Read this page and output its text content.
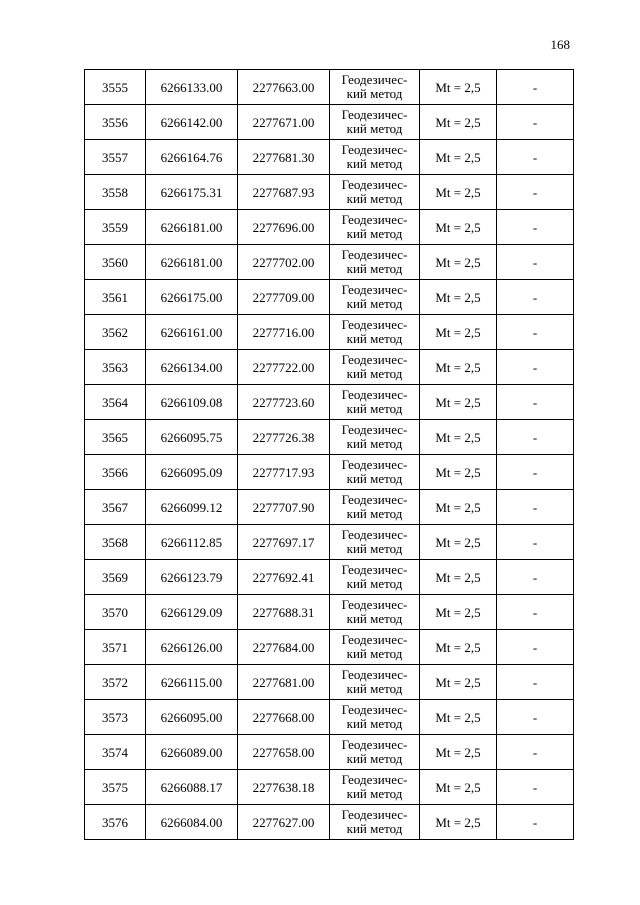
168
3555	6266133.00	2277663.00	Геодезичес-
кий метод	Mt = 2,5	-
3556	6266142.00	2277671.00	Геодезичес-
кий метод	Mt = 2,5	-
3557	6266164.76	2277681.30	Геодезичес-
кий метод	Mt = 2,5	-
3558	6266175.31	2277687.93	Геодезичес-
кий метод	Mt = 2,5	-
3559	6266181.00	2277696.00	Геодезичес-
кий метод	Mt = 2,5	-
3560	6266181.00	2277702.00	Геодезичес-
кий метод	Mt = 2,5	-
3561	6266175.00	2277709.00	Геодезичес-
кий метод	Mt = 2,5	-
3562	6266161.00	2277716.00	Геодезичес-
кий метод	Mt = 2,5	-
3563	6266134.00	2277722.00	Геодезичес-
кий метод	Mt = 2,5	-
3564	6266109.08	2277723.60	Геодезичес-
кий метод	Mt = 2,5	-
3565	6266095.75	2277726.38	Геодезичес-
кий метод	Mt = 2,5	-
3566	6266095.09	2277717.93	Геодезичес-
кий метод	Mt = 2,5	-
3567	6266099.12	2277707.90	Геодезичес-
кий метод	Mt = 2,5	-
3568	6266112.85	2277697.17	Геодезичес-
кий метод	Mt = 2,5	-
3569	6266123.79	2277692.41	Геодезичес-
кий метод	Mt = 2,5	-
3570	6266129.09	2277688.31	Геодезичес-
кий метод	Mt = 2,5	-
3571	6266126.00	2277684.00	Геодезичес-
кий метод	Mt = 2,5	-
3572	6266115.00	2277681.00	Геодезичес-
кий метод	Mt = 2,5	-
3573	6266095.00	2277668.00	Геодезичес-
кий метод	Mt = 2,5	-
3574	6266089.00	2277658.00	Геодезичес-
кий метод	Mt = 2,5	-
3575	6266088.17	2277638.18	Геодезичес-
кий метод	Mt = 2,5	-
3576	6266084.00	2277627.00	Геодезичес-
кий метод	Mt = 2,5	-
